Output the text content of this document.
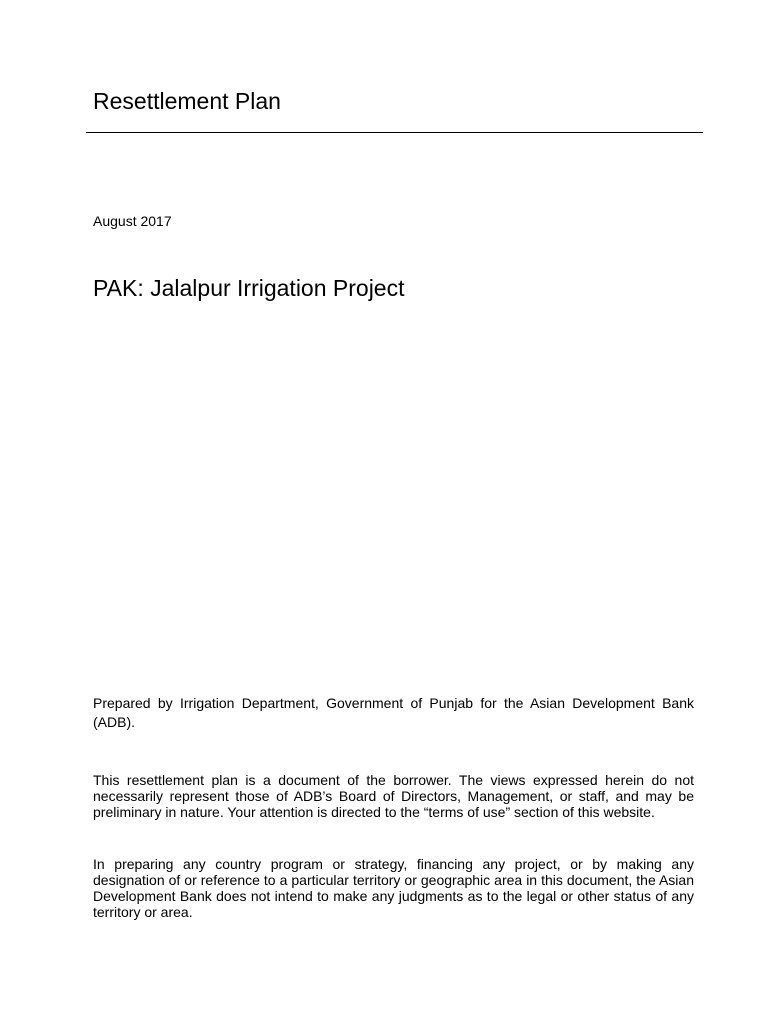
Resettlement Plan

August 2017

PAK: Jalalpur Irrigation Project

Prepared by Irrigation Department, Government of Punjab for the Asian Development Bank (ADB).

This resettlement plan is a document of the borrower. The views expressed herein do not necessarily represent those of ADB’s Board of Directors, Management, or staff, and may be preliminary in nature. Your attention is directed to the “terms of use” section of this website.

In preparing any country program or strategy, financing any project, or by making any designation of or reference to a particular territory or geographic area in this document, the Asian Development Bank does not intend to make any judgments as to the legal or other status of any territory or area.
